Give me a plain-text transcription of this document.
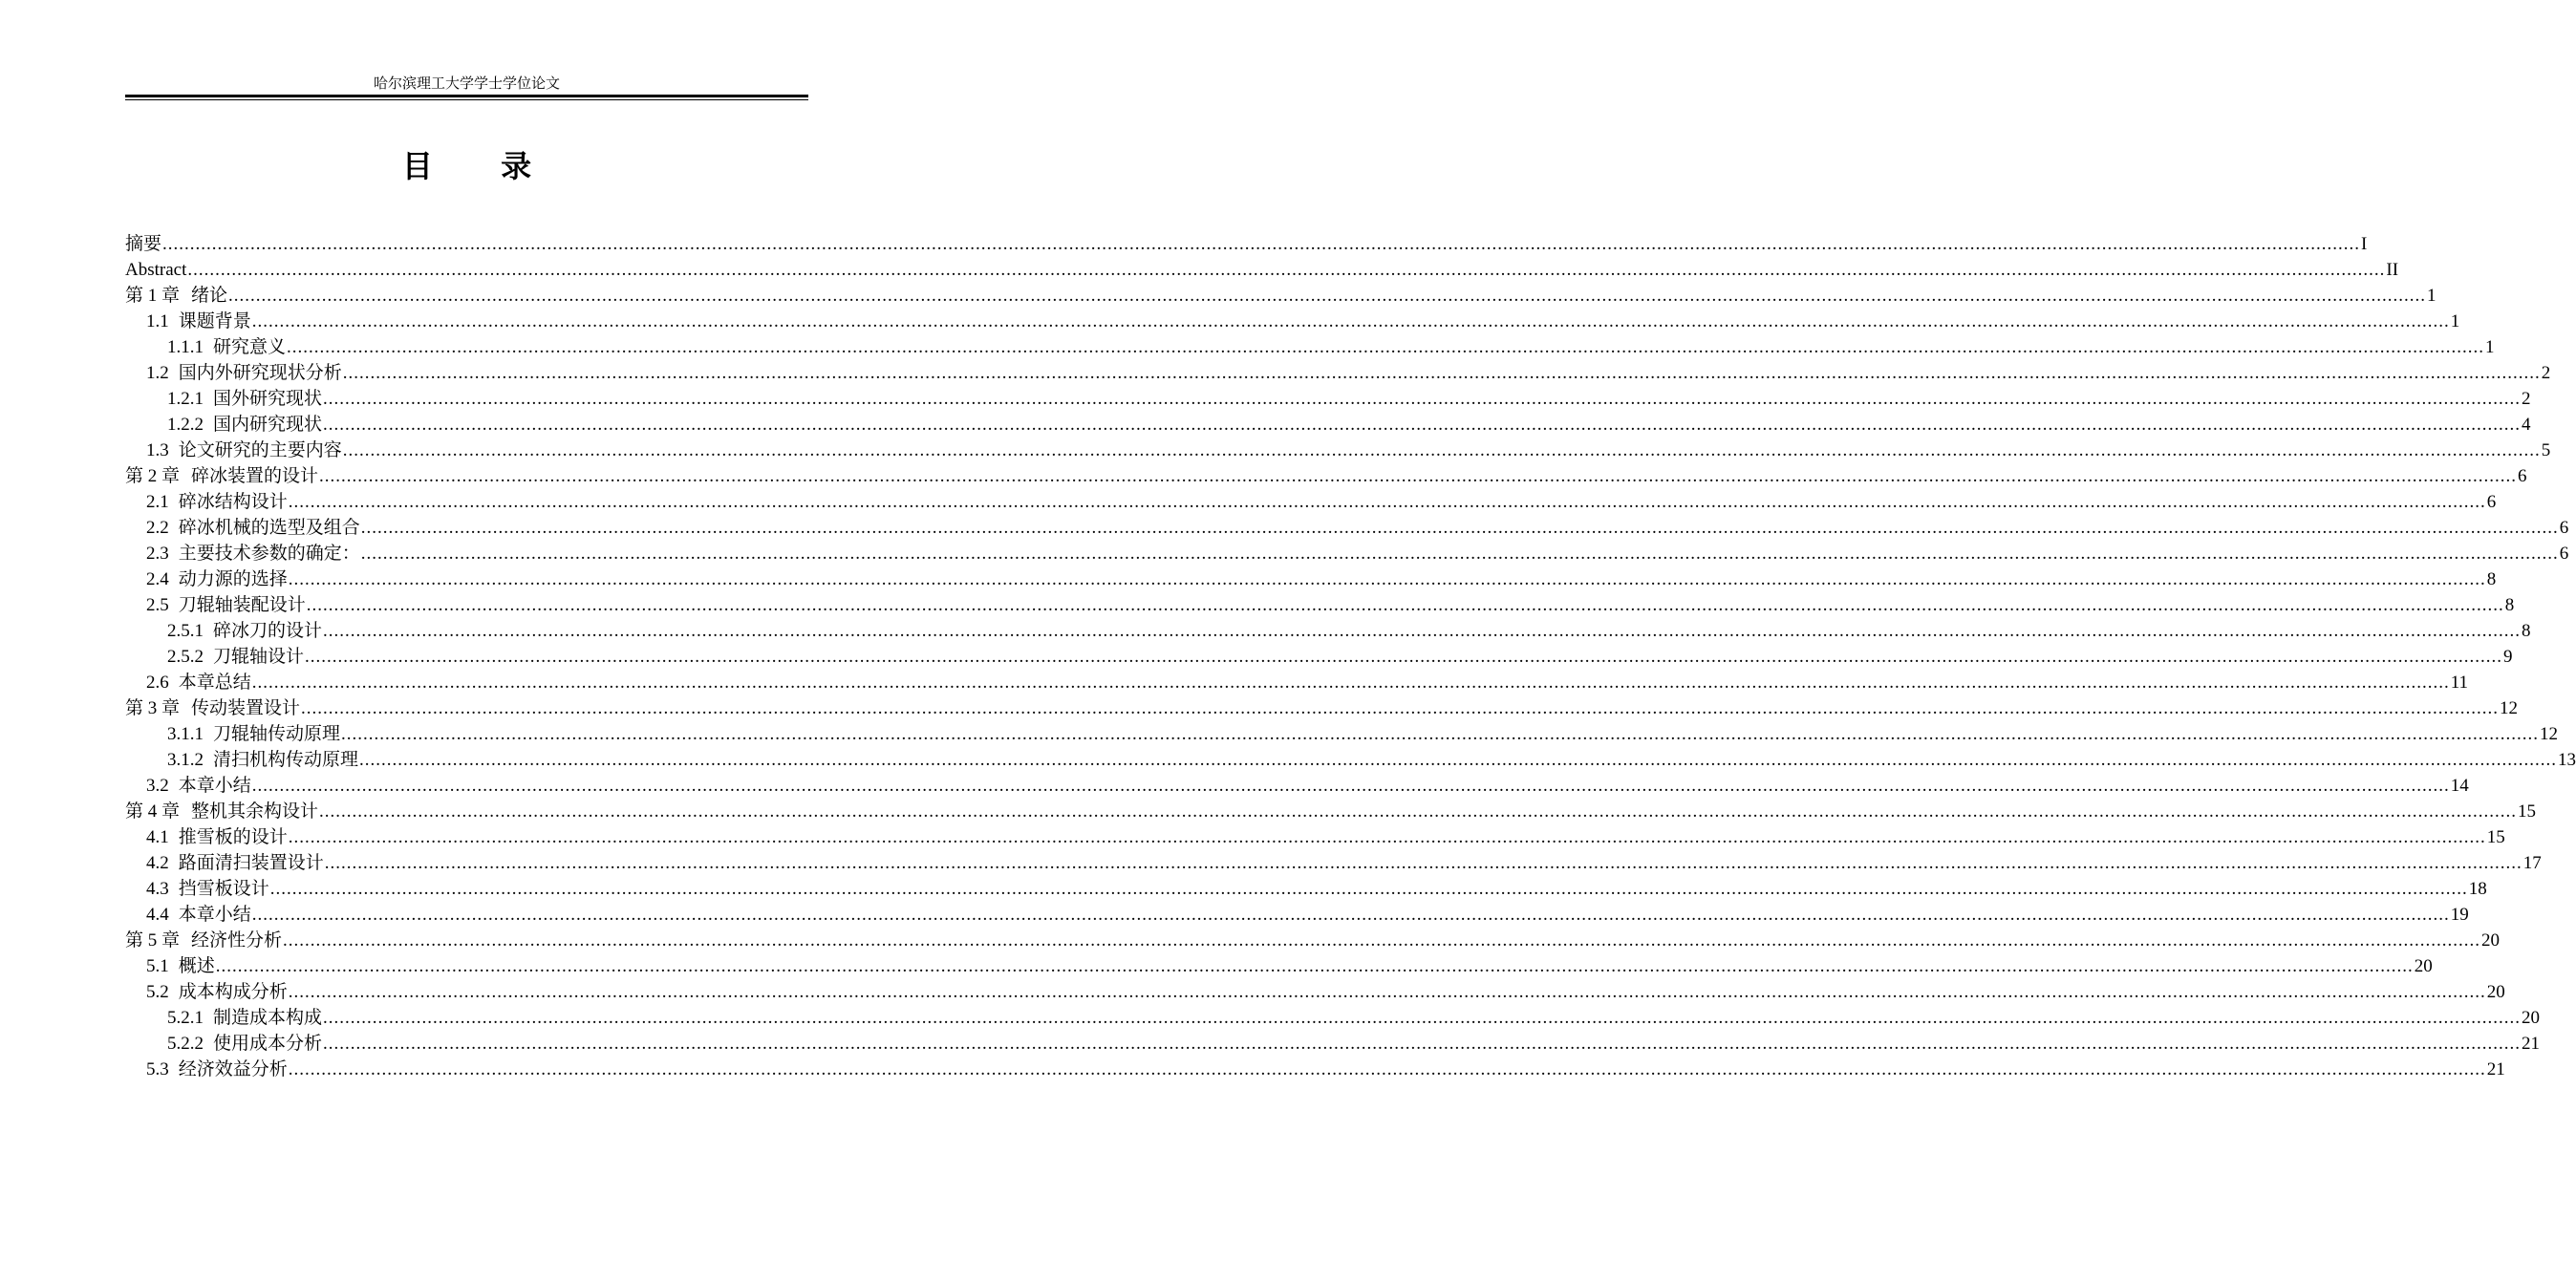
哈尔滨理工大学学士学位论文
目 录
摘要 ................................................................................................................................................................................................................................................................................................................................................................................................................ I
Abstract ................................................................................................................................................................................................................................................................................................................................................................................................................ II
第 1 章 绪论 ................................................................................................................................................................................................................................................................................................................................................................................................................ 1
1.1 课题背景 ................................................................................................................................................................................................................................................................................................................................................................................................................ 1
1.1.1 研究意义 ................................................................................................................................................................................................................................................................................................................................................................................................................ 1
1.2 国内外研究现状分析 ................................................................................................................................................................................................................................................................................................................................................................................................................ 2
1.2.1 国外研究现状 ................................................................................................................................................................................................................................................................................................................................................................................................................ 2
1.2.2 国内研究现状 ................................................................................................................................................................................................................................................................................................................................................................................................................ 4
1.3 论文研究的主要内容 ................................................................................................................................................................................................................................................................................................................................................................................................................ 5
第 2 章 碎冰装置的设计 ................................................................................................................................................................................................................................................................................................................................................................................................................ 6
2.1 碎冰结构设计 ................................................................................................................................................................................................................................................................................................................................................................................................................ 6
2.2 碎冰机械的选型及组合 ................................................................................................................................................................................................................................................................................................................................................................................................................ 6
2.3 主要技术参数的确定： ................................................................................................................................................................................................................................................................................................................................................................................................................ 6
2.4 动力源的选择 ................................................................................................................................................................................................................................................................................................................................................................................................................ 8
2.5 刀辊轴装配设计 ................................................................................................................................................................................................................................................................................................................................................................................................................ 8
2.5.1 碎冰刀的设计 ................................................................................................................................................................................................................................................................................................................................................................................................................ 8
2.5.2 刀辊轴设计 ................................................................................................................................................................................................................................................................................................................................................................................................................ 9
2.6 本章总结 ................................................................................................................................................................................................................................................................................................................................................................................................................ 11
第 3 章 传动装置设计 ................................................................................................................................................................................................................................................................................................................................................................................................................ 12
3.1.1 刀辊轴传动原理 ................................................................................................................................................................................................................................................................................................................................................................................................................ 12
3.1.2 清扫机构传动原理 ................................................................................................................................................................................................................................................................................................................................................................................................................ 13
3.2 本章小结 ................................................................................................................................................................................................................................................................................................................................................................................................................ 14
第 4 章 整机其余构设计 ................................................................................................................................................................................................................................................................................................................................................................................................................ 15
4.1 推雪板的设计 ................................................................................................................................................................................................................................................................................................................................................................................................................ 15
4.2 路面清扫装置设计 ................................................................................................................................................................................................................................................................................................................................................................................................................ 17
4.3 挡雪板设计 ................................................................................................................................................................................................................................................................................................................................................................................................................ 18
4.4 本章小结 ................................................................................................................................................................................................................................................................................................................................................................................................................ 19
第 5 章 经济性分析 ................................................................................................................................................................................................................................................................................................................................................................................................................ 20
5.1 概述 ................................................................................................................................................................................................................................................................................................................................................................................................................ 20
5.2 成本构成分析 ................................................................................................................................................................................................................................................................................................................................................................................................................ 20
5.2.1 制造成本构成 ................................................................................................................................................................................................................................................................................................................................................................................................................ 20
5.2.2 使用成本分析 ................................................................................................................................................................................................................................................................................................................................................................................................................ 21
5.3 经济效益分析 ................................................................................................................................................................................................................................................................................................................................................................................................................ 21
